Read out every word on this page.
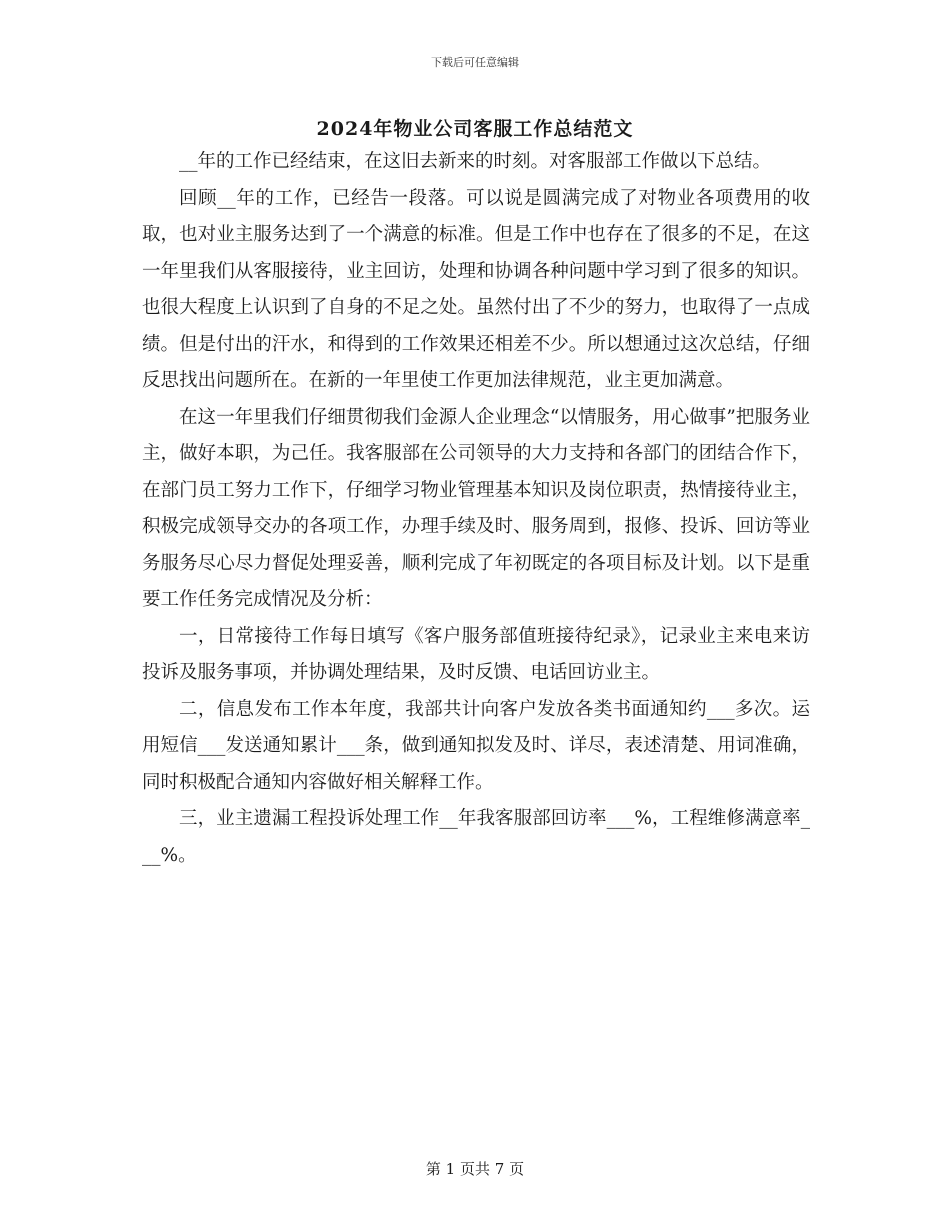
下载后可任意编辑
2024年物业公司客服工作总结范文

__年的工作已经结束，在这旧去新来的时刻。对客服部工作做以下总结。

回顾__年的工作，已经告一段落。可以说是圆满完成了对物业各项费用的收取，也对业主服务达到了一个满意的标准。但是工作中也存在了很多的不足，在这一年里我们从客服接待，业主回访，处理和协调各种问题中学习到了很多的知识。也很大程度上认识到了自身的不足之处。虽然付出了不少的努力，也取得了一点成绩。但是付出的汗水，和得到的工作效果还相差不少。所以想通过这次总结，仔细反思找出问题所在。在新的一年里使工作更加法律规范，业主更加满意。

在这一年里我们仔细贯彻我们金源人企业理念“以情服务，用心做事”把服务业主，做好本职，为己任。我客服部在公司领导的大力支持和各部门的团结合作下，在部门员工努力工作下，仔细学习物业管理基本知识及岗位职责，热情接待业主，积极完成领导交办的各项工作，办理手续及时、服务周到，报修、投诉、回访等业务服务尽心尽力督促处理妥善，顺利完成了年初既定的各项目标及计划。以下是重要工作任务完成情况及分析：

一，日常接待工作每日填写《客户服务部值班接待纪录》，记录业主来电来访投诉及服务事项，并协调处理结果，及时反馈、电话回访业主。

二，信息发布工作本年度，我部共计向客户发放各类书面通知约___多次。运用短信___发送通知累计___条，做到通知拟发及时、详尽，表述清楚、用词准确，同时积极配合通知内容做好相关解释工作。

三，业主遗漏工程投诉处理工作__年我客服部回访率___%，工程维修满意率___%。

第 1 页共 7 页
